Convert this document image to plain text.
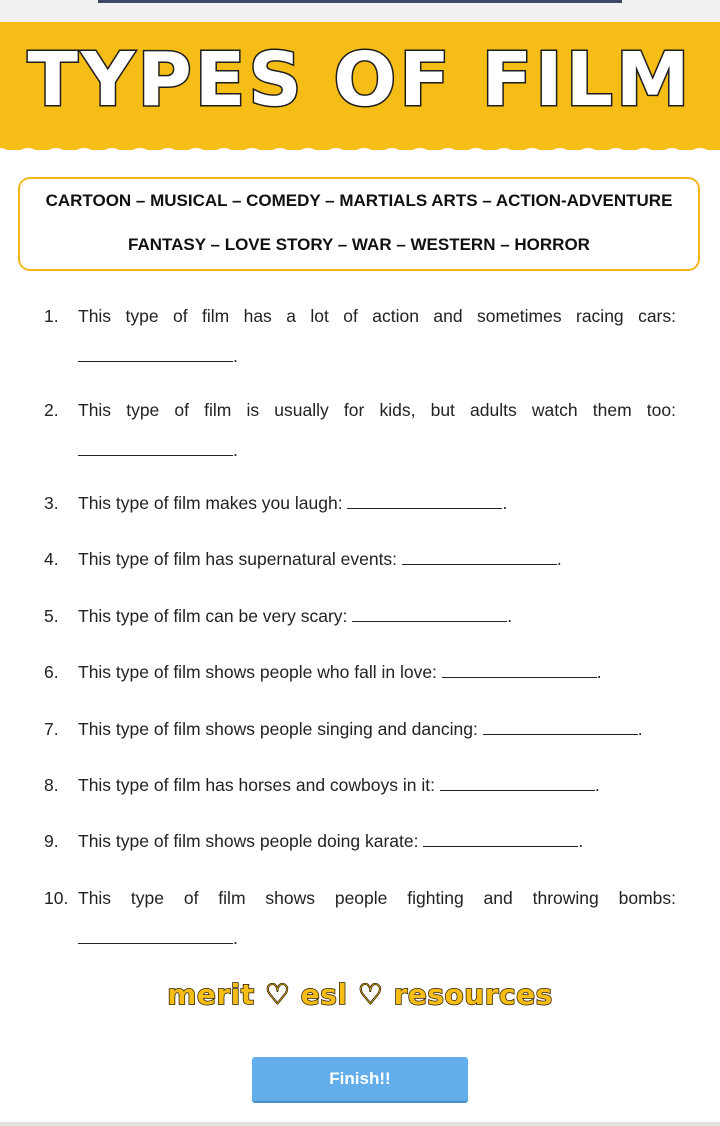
TYPES OF FILM
CARTOON – MUSICAL – COMEDY – MARTIALS ARTS – ACTION-ADVENTURE
FANTASY – LOVE STORY – WAR – WESTERN – HORROR
1. This type of film has a lot of action and sometimes racing cars:
.
2. This type of film is usually for kids, but adults watch them too:
.
3. This type of film makes you laugh:	.
4. This type of film has supernatural events:	.
5. This type of film can be very scary:	.
6. This type of film shows people who fall in love:	.
7. This type of film shows people singing and dancing:	.
8. This type of film has horses and cowboys in it:	.
9. This type of film shows people doing karate:	.
10. This type of film shows people fighting and throwing bombs:
.
merit ♡ esl ♡ resources
Finish!!
